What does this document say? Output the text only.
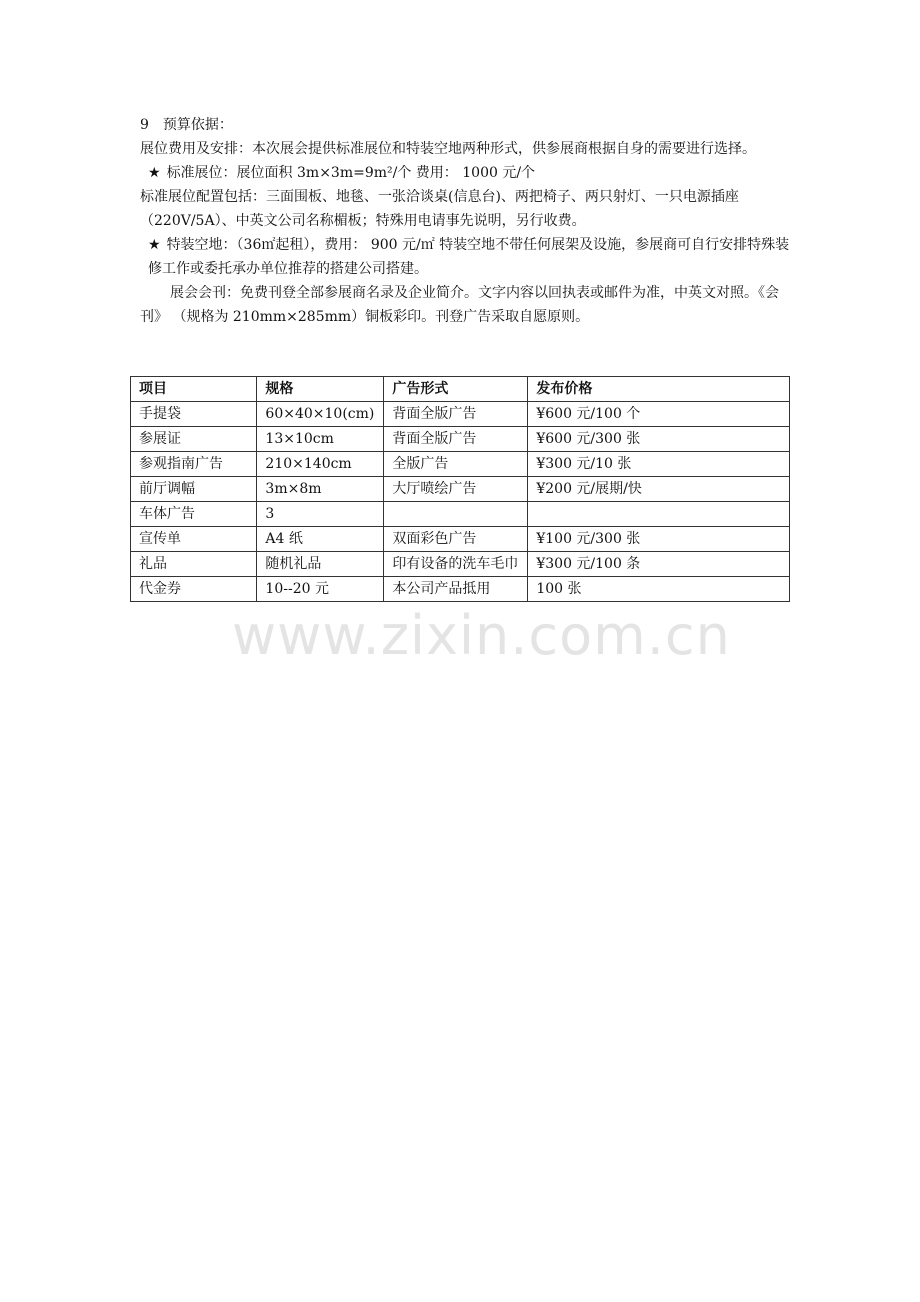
9　预算依据：

展位费用及安排：本次展会提供标准展位和特装空地两种形式，供参展商根据自身的需要进行选择。

★ 标准展位：展位面积 3m×3m=9m²/个 费用： 1000 元/个

标准展位配置包括：三面围板、地毯、一张洽谈桌(信息台)、两把椅子、两只射灯、一只电源插座（220V/5A）、中英文公司名称楣板；特殊用电请事先说明，另行收费。

★ 特装空地：（36㎡起租），费用： 900 元/㎡ 特装空地不带任何展架及设施，参展商可自行安排特殊装修工作或委托承办单位推荐的搭建公司搭建。

展会会刊：免费刊登全部参展商名录及企业简介。文字内容以回执表或邮件为准，中英文对照。《会刊》 （规格为 210mm×285mm）铜板彩印。刊登广告采取自愿原则。

项目	规格	广告形式	发布价格
手提袋	60×40×10(cm)	背面全版广告	¥600 元/100 个
参展证	13×10cm	背面全版广告	¥600 元/300 张
参观指南广告	210×140cm	全版广告	¥300 元/10 张
前厅调幅	3m×8m	大厅喷绘广告	¥200 元/展期/快
车体广告	3		
宣传单	A4 纸	双面彩色广告	¥100 元/300 张
礼品	随机礼品	印有设备的洗车毛巾	¥300 元/100 条
代金券	10--20 元	本公司产品抵用	100 张
www.zixin.com.cn
